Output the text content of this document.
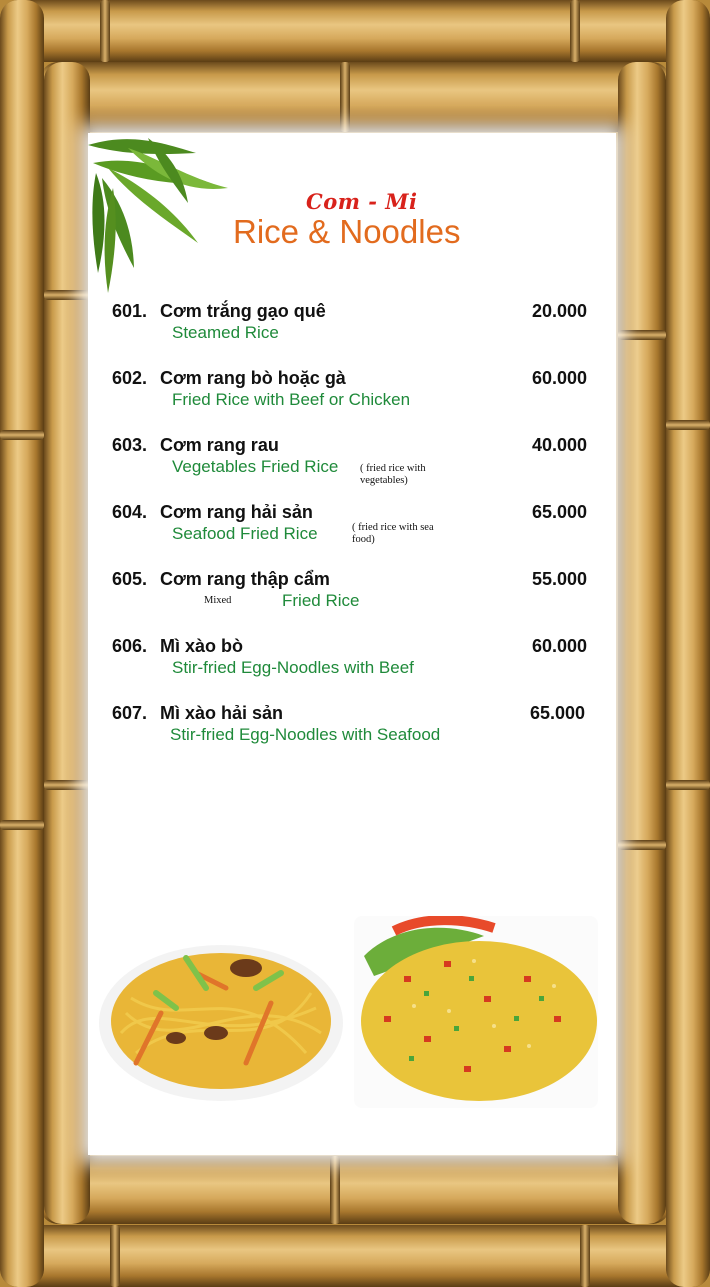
Com - Mi
Rice & Noodles
601. Cơm trắng gạo quê	20.000
Steamed Rice
602. Cơm rang bò hoặc gà	60.000
Fried Rice with Beef or Chicken
603. Cơm rang rau	40.000
Vegetables Fried Rice ( fried rice with vegetables)
604. Cơm rang hải sản	65.000
Seafood Fried Rice	( fried rice with sea food)
605. Cơm rang thập cẩm	55.000
Mixed	Fried Rice
606. Mì xào bò	60.000
Stir-fried Egg-Noodles with Beef
607. Mì xào hải sản	65.000
Stir-fried Egg-Noodles with Seafood
